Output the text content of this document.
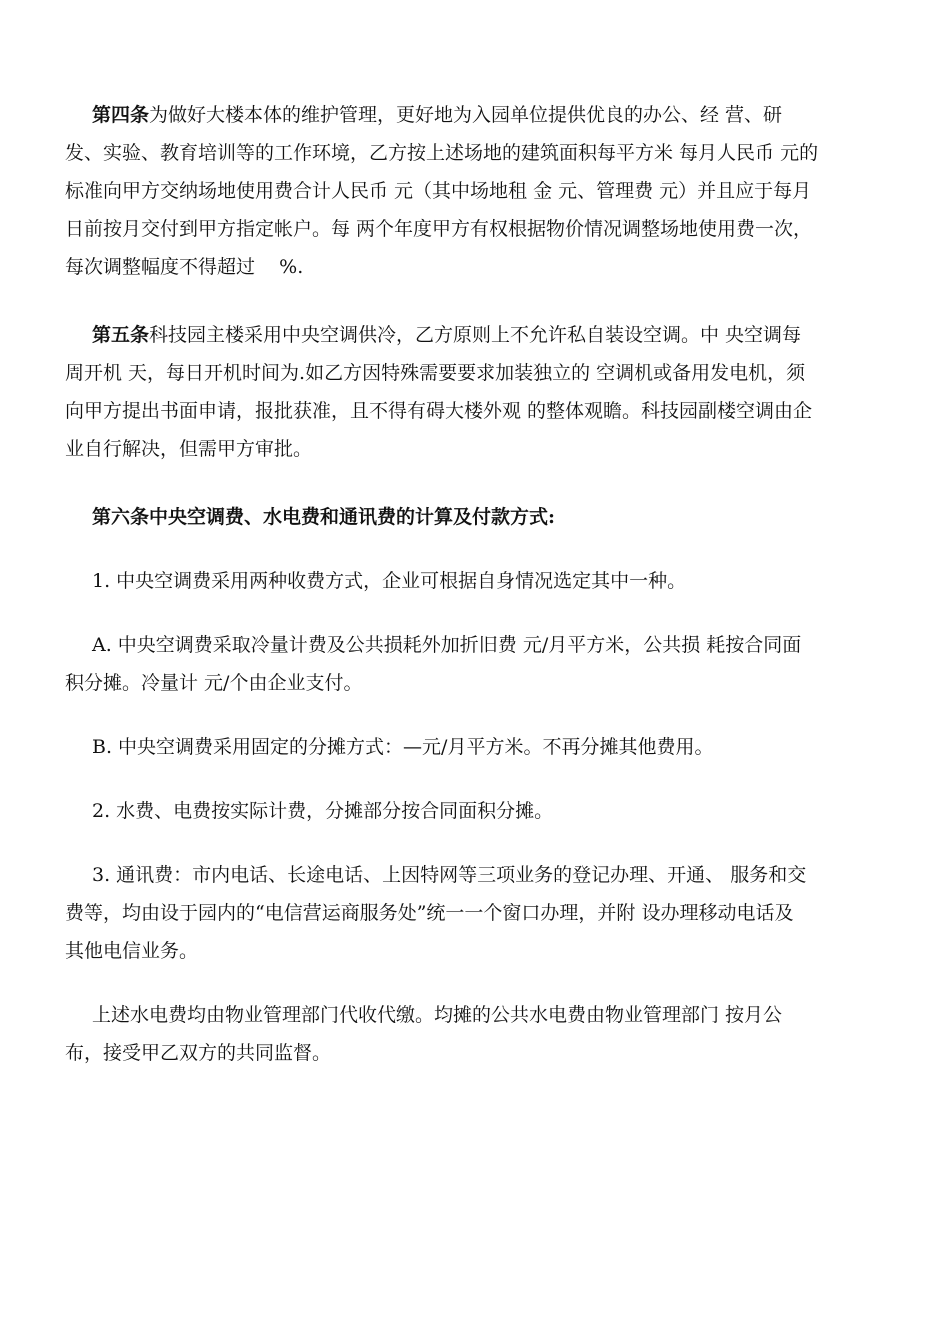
第四条为做好大楼本体的维护管理，更好地为入园单位提供优良的办公、经 营、研
发、实验、教育培训等的工作环境，乙方按上述场地的建筑面积每平方米 每月人民币 元的
标准向甲方交纳场地使用费合计人民币 元（其中场地租 金 元、管理费 元）并且应于每月
日前按月交付到甲方指定帐户。每 两个年度甲方有权根据物价情况调整场地使用费一次，
每次调整幅度不得超过    %.
第五条科技园主楼采用中央空调供冷，乙方原则上不允许私自装设空调。中 央空调每
周开机 天，每日开机时间为.如乙方因特殊需要要求加装独立的 空调机或备用发电机，须
向甲方提出书面申请，报批获准，且不得有碍大楼外观 的整体观瞻。科技园副楼空调由企
业自行解决，但需甲方审批。
第六条中央空调费、水电费和通讯费的计算及付款方式:
1. 中央空调费采用两种收费方式，企业可根据自身情况选定其中一种。
A. 中央空调费采取冷量计费及公共损耗外加折旧费 元/月平方米，公共损 耗按合同面
积分摊。冷量计 元/个由企业支付。
B. 中央空调费采用固定的分摊方式：—元/月平方米。不再分摊其他费用。
2. 水费、电费按实际计费，分摊部分按合同面积分摊。
3. 通讯费：市内电话、长途电话、上因特网等三项业务的登记办理、开通、 服务和交
费等，均由设于园内的“电信营运商服务处”统一一个窗口办理，并附 设办理移动电话及
其他电信业务。
上述水电费均由物业管理部门代收代缴。均摊的公共水电费由物业管理部门 按月公
布，接受甲乙双方的共同监督。
